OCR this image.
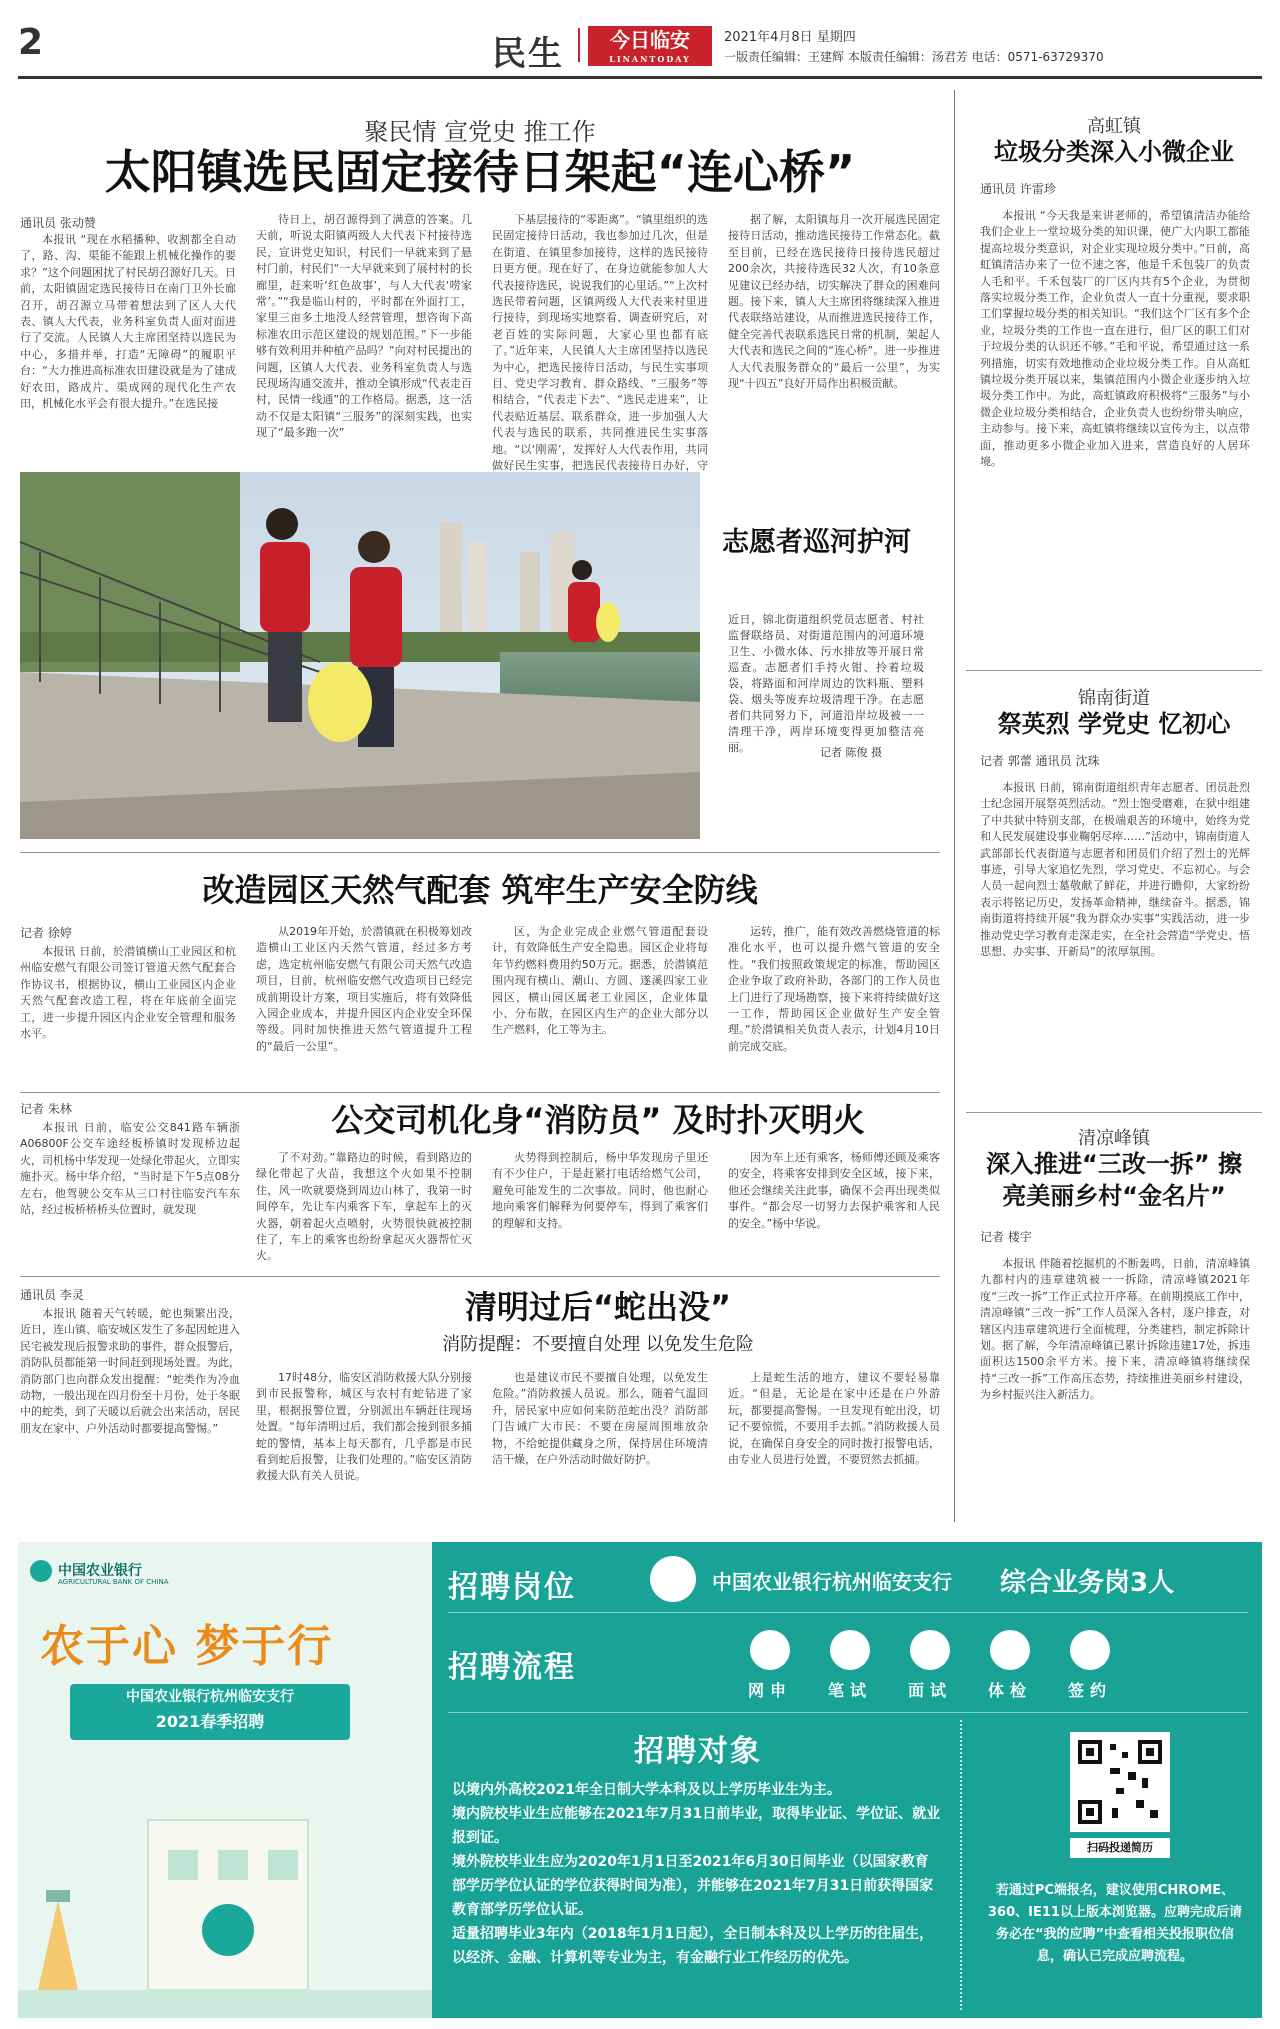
2	民生	今日临安
LINANTODAY
2021年4月8日 星期四
一版责任编辑：王建辉 本版责任编辑：汤君芳 电话：0571-63729370
聚民情 宣党史 推工作
太阳镇选民固定接待日架起“连心桥”
通讯员 张动赞

本报讯 “现在水稻播种、收割都全自动了，路、沟、渠能不能跟上机械化操作的要求？”这个问题困扰了村民胡召源好几天。日前，太阳镇固定选民接待日在南门卫外长廊召开，胡召源立马带着想法到了区人大代表、镇人大代表，业务科室负责人面对面进行了交流。人民镇人大主席团坚持以选民为中心，多措并举，打造“无障碍”的履职平台：“大力推进高标准农田建设就是为了建成好农田，路成片、渠成网的现代化生产农田，机械化水平会有很大提升。”在选民接

待日上，胡召源得到了满意的答案。几天前，听说太阳镇两级人大代表下村接待选民，宣讲党史知识，村民们一早就来到了悬村门前，村民们“一大早就来到了展村村的长廊里，赶来听‘红色故事’，与人大代表‘唠家常’。”“我是临山村的，平时都在外面打工，家里三亩多土地没人经营管理，想咨询下高标准农田示范区建设的规划范围。”下一步能够有效利用并种植产品吗？”向对村民提出的问题，区镇人大代表、业务科室负责人与选民现场沟通交流并，推动全镇形成“代表走百村，民情一线通”的工作格局。据悉，这一活动不仅是太阳镇“三服务”的深刻实践，也实现了“最多跑一次”

下基层接待的“零距离”。“镇里组织的选民固定接待日活动，我也参加过几次，但是在街道、在镇里参加接待，这样的选民接待日更方便。现在好了，在身边就能参加人大代表接待选民，说说我们的心里话。”“上次村选民带着问题，区镇两级人大代表来村里进行接待，到现场实地察看、调查研究后，对老百姓的实际问题，大家心里也都有底了。”近年来，人民镇人大主席团坚持以选民为中心，把选民接待日活动，与民生实事项目、党史学习教育、群众路线、“三服务”等相结合，“代表走下去”、“选民走进来”，让代表贴近基层、联系群众，进一步加强人大代表与选民的联系，共同推进民生实事落地。“以‘刚需’，发挥好人大代表作用，共同做好民生实事，把选民代表接待日办好，守

据了解，太阳镇每月一次开展选民固定接待日活动，推动选民接待工作常态化。截至目前，已经在选民接待日接待选民超过200余次，共接待选民32人次，有10条意见建议已经办结，切实解决了群众的困难问题。接下来，镇人大主席团将继续深入推进代表联络站建设，从而推进选民接待工作，健全完善代表联系选民日常的机制，架起人大代表和选民之间的“连心桥”。进一步推进人大代表服务群众的“最后一公里”，为实现“十四五”良好开局作出积极贡献。

志愿者巡河护河
近日，锦北街道组织党员志愿者、村社监督联络员、对街道范围内的河道环境卫生、小微水体、污水排放等开展日常巡查。志愿者们手持火钳、拎着垃圾袋，将路面和河岸周边的饮料瓶、塑料袋、烟头等废弃垃圾清理干净。在志愿者们共同努力下，河道沿岸垃圾被一一清理干净，两岸环境变得更加整洁亮丽。	记者 陈俊 摄
改造园区天然气配套 筑牢生产安全防线
记者 徐婷

本报讯 日前，於潜镇横山工业园区和杭州临安燃气有限公司签订管道天然气配套合作协议书，根据协议，横山工业园区内企业天然气配套改造工程，将在年底前全面完工，进一步提升园区内企业安全管理和服务水平。

从2019年开始，於潜镇就在积极筹划改造横山工业区内天然气管道，经过多方考虑，选定杭州临安燃气有限公司天然气改造项目，目前，杭州临安燃气改造项目已经完成前期设计方案，项目实施后，将有效降低入园企业成本，并提升园区内企业安全环保等级。同时加快推进天然气管道提升工程的“最后一公里”。

区，为企业完成企业燃气管道配套设计，有效降低生产安全隐患。园区企业将每年节约燃料费用约50万元。据悉，於潜镇范围内现有横山、潮山、方圆、遂溪四家工业园区，横山园区属老工业园区，企业体量小、分布散，在园区内生产的企业大部分以生产燃料，化工等为主。

运转，推广，能有效改善燃烧管道的标准化水平，也可以提升燃气管道的安全性。“我们按照政策规定的标准，帮助园区企业争取了政府补助，各部门的工作人员也上门进行了现场勘察，接下来将持续做好这一工作，帮助园区企业做好生产安全管理。”於潜镇相关负责人表示，计划4月10日前完成交底。

记者 朱林

本报讯 日前，临安公交841路车辆浙A06800F公交车途经板桥镇时发现桥边起火，司机杨中华发现一处绿化带起火，立即实施扑灭。杨中华介绍，“当时是下午5点08分左右，他驾驶公交车从三口村往临安汽车东站，经过板桥桥桥头位置时，就发现

公交司机化身“消防员” 及时扑灭明火

了不对劲。”靠路边的时候，看到路边的绿化带起了火苗，我想这个火如果不控制住，风一吹就要烧到周边山林了，我第一时间停车，先让车内乘客下车，拿起车上的灭火器，朝着起火点喷射，火势很快就被控制住了，车上的乘客也纷纷拿起灭火器帮忙灭火。

火势得到控制后，杨中华发现房子里还有不少住户，于是赶紧打电话给燃气公司，避免可能发生的二次事故。同时，他也耐心地向乘客们解释为何要停车，得到了乘客们的理解和支持。

因为车上还有乘客，杨师傅还顾及乘客的安全，将乘客安排到安全区域，接下来，他还会继续关注此事，确保不会再出现类似事件。“都会尽一切努力去保护乘客和人民的安全。”杨中华说。

通讯员 李灵

本报讯 随着天气转暖，蛇也频繁出没，近日，连山镇、临安城区发生了多起因蛇进入民宅被发现后报警求助的事件，群众报警后，消防队员都能第一时间赶到现场处置。为此，消防部门也向群众发出提醒：“蛇类作为冷血动物，一般出现在四月份至十月份，处于冬眠中的蛇类，到了天暖以后就会出来活动，居民朋友在家中、户外活动时都要提高警惕。”

清明过后“蛇出没”
消防提醒：不要擅自处理 以免发生危险

17时48分，临安区消防救援大队分别接到市民报警称，城区与农村有蛇钻进了家里，根据报警位置，分别派出车辆赶往现场处置。“每年清明过后，我们都会接到很多捕蛇的警情，基本上每天都有，几乎都是市民看到蛇后报警，让我们处理的。”临安区消防救援大队有关人员说。

也是建议市民不要擅自处理，以免发生危险。”消防救援人员说。那么，随着气温回升，居民家中应如何来防范蛇出没？消防部门告诫广大市民：不要在房屋周围堆放杂物，不给蛇提供藏身之所，保持居住环境清洁干燥，在户外活动时做好防护。

上是蛇生活的地方，建议不要轻易靠近。“但是，无论是在家中还是在户外游玩，都要提高警惕。一旦发现有蛇出没，切记不要惊慌，不要用手去抓。”消防救援人员说，在确保自身安全的同时拨打报警电话，由专业人员进行处置，不要贸然去抓捕。

高虹镇
垃圾分类深入小微企业
通讯员 许雷珍

本报讯 “今天我是来讲老师的，希望镇清洁办能给我们企业上一堂垃圾分类的知识课，使广大内职工都能提高垃圾分类意识，对企业实现垃圾分类中。”日前，高虹镇清洁办来了一位不速之客，他是千禾包装厂的负责人毛和平。千禾包装厂的厂区内共有5个企业，为贯彻落实垃圾分类工作，企业负责人一直十分重视，要求职工们掌握垃圾分类的相关知识。“我们这个厂区有多个企业，垃圾分类的工作也一直在进行，但厂区的职工们对于垃圾分类的认识还不够。”毛和平说，希望通过这一系列措施，切实有效地推动企业垃圾分类工作。自从高虹镇垃圾分类开展以来，集镇范围内小微企业逐步纳入垃圾分类工作中。为此，高虹镇政府积极将“三服务”与小微企业垃圾分类相结合，企业负责人也纷纷带头响应，主动参与。接下来，高虹镇将继续以宣传为主，以点带面，推动更多小微企业加入进来，营造良好的人居环境。

锦南街道
祭英烈 学党史 忆初心
记者 郭蕾 通讯员 沈珠

本报讯 日前，锦南街道组织青年志愿者、团员赴烈士纪念园开展祭英烈活动。“烈士饱受磨难，在狱中组建了中共狱中特别支部，在极端艰苦的环境中，始终为党和人民发展建设事业鞠躬尽瘁……”活动中，锦南街道人武部部长代表街道与志愿者和团员们介绍了烈士的光辉事迹，引导大家追忆先烈，学习党史、不忘初心。与会人员一起向烈士墓敬献了鲜花，并进行瞻仰，大家纷纷表示将铭记历史，发扬革命精神，继续奋斗。据悉，锦南街道将持续开展“我为群众办实事”实践活动，进一步推动党史学习教育走深走实，在全社会营造“学党史、悟思想、办实事、开新局”的浓厚氛围。

清凉峰镇
深入推进“三改一拆” 擦亮美丽乡村“金名片”
记者 楼宇

本报讯 伴随着挖掘机的不断轰鸣，日前，清凉峰镇九都村内的违章建筑被一一拆除，清凉峰镇2021年度“三改一拆”工作正式拉开序幕。在前期摸底工作中，清凉峰镇“三改一拆”工作人员深入各村，逐户排查，对辖区内违章建筑进行全面梳理，分类建档，制定拆除计划。据了解，今年清凉峰镇已累计拆除违建17处，拆违面积达1500余平方米。接下来，清凉峰镇将继续保持“三改一拆”工作高压态势，持续推进美丽乡村建设，为乡村振兴注入新活力。

中国农业银行
AGRICULTURAL BANK OF CHINA
农于心 梦于行
中国农业银行杭州临安支行
2021春季招聘
招聘岗位	中国农业银行杭州临安支行 综合业务岗3人
招聘流程
网申	笔试	面试	体检	签约
招聘对象
以境内外高校2021年全日制大学本科及以上学历毕业生为主。
境内院校毕业生应能够在2021年7月31日前毕业，取得毕业证、学位证、就业报到证。
境外院校毕业生应为2020年1月1日至2021年6月30日间毕业（以国家教育部学历学位认证的学位获得时间为准），并能够在2021年7月31日前获得国家教育部学历学位认证。
适量招聘毕业3年内（2018年1月1日起），全日制本科及以上学历的往届生，以经济、金融、计算机等专业为主，有金融行业工作经历的优先。
扫码投递简历
若通过PC端报名，建议使用CHROME、360、IE11以上版本浏览器。应聘完成后请务必在“我的应聘”中查看相关投报职位信息，确认已完成应聘流程。
